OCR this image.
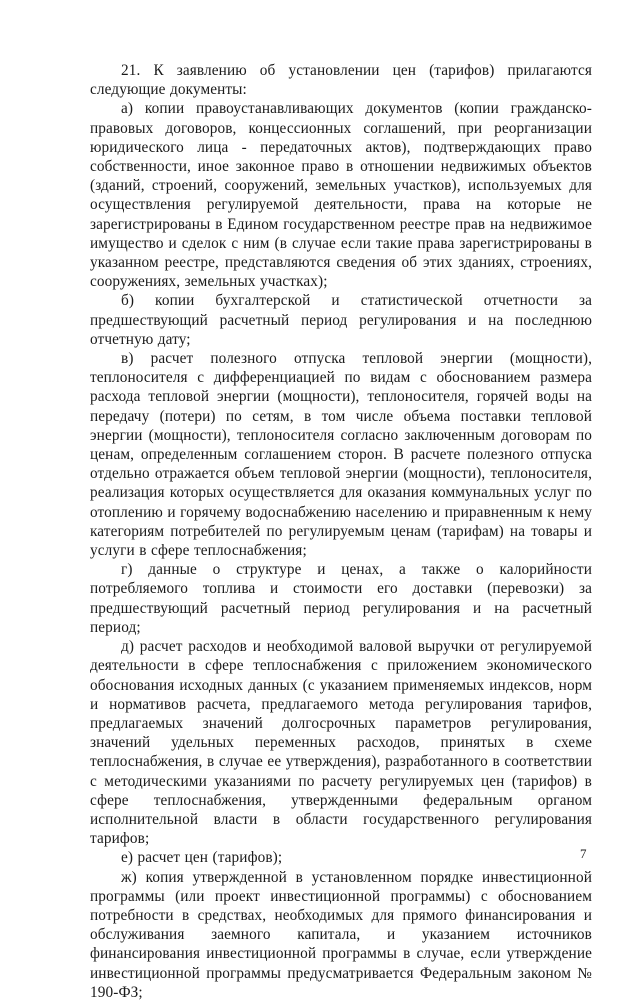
21. К заявлению об установлении цен (тарифов) прилагаются следующие документы:

а) копии правоустанавливающих документов (копии гражданско-правовых договоров, концессионных соглашений, при реорганизации юридического лица - передаточных актов), подтверждающих право собственности, иное законное право в отношении недвижимых объектов (зданий, строений, сооружений, земельных участков), используемых для осуществления регулируемой деятельности, права на которые не зарегистрированы в Едином государственном реестре прав на недвижимое имущество и сделок с ним (в случае если такие права зарегистрированы в указанном реестре, представляются сведения об этих зданиях, строениях, сооружениях, земельных участках);

б) копии бухгалтерской и статистической отчетности за предшествующий расчетный период регулирования и на последнюю отчетную дату;

в) расчет полезного отпуска тепловой энергии (мощности), теплоносителя с дифференциацией по видам с обоснованием размера расхода тепловой энергии (мощности), теплоносителя, горячей воды на передачу (потери) по сетям, в том числе объема поставки тепловой энергии (мощности), теплоносителя согласно заключенным договорам по ценам, определенным соглашением сторон. В расчете полезного отпуска отдельно отражается объем тепловой энергии (мощности), теплоносителя, реализация которых осуществляется для оказания коммунальных услуг по отоплению и горячему водоснабжению населению и приравненным к нему категориям потребителей по регулируемым ценам (тарифам) на товары и услуги в сфере теплоснабжения;

г) данные о структуре и ценах, а также о калорийности потребляемого топлива и стоимости его доставки (перевозки) за предшествующий расчетный период регулирования и на расчетный период;

д) расчет расходов и необходимой валовой выручки от регулируемой деятельности в сфере теплоснабжения с приложением экономического обоснования исходных данных (с указанием применяемых индексов, норм и нормативов расчета, предлагаемого метода регулирования тарифов, предлагаемых значений долгосрочных параметров регулирования, значений удельных переменных расходов, принятых в схеме теплоснабжения, в случае ее утверждения), разработанного в соответствии с методическими указаниями по расчету регулируемых цен (тарифов) в сфере теплоснабжения, утвержденными федеральным органом исполнительной власти в области государственного регулирования тарифов;

е) расчет цен (тарифов);

ж) копия утвержденной в установленном порядке инвестиционной программы (или проект инвестиционной программы) с обоснованием потребности в средствах, необходимых для прямого финансирования и обслуживания заемного капитала, и указанием источников финансирования инвестиционной программы в случае, если утверждение инвестиционной программы предусматривается Федеральным законом № 190-ФЗ;

7
